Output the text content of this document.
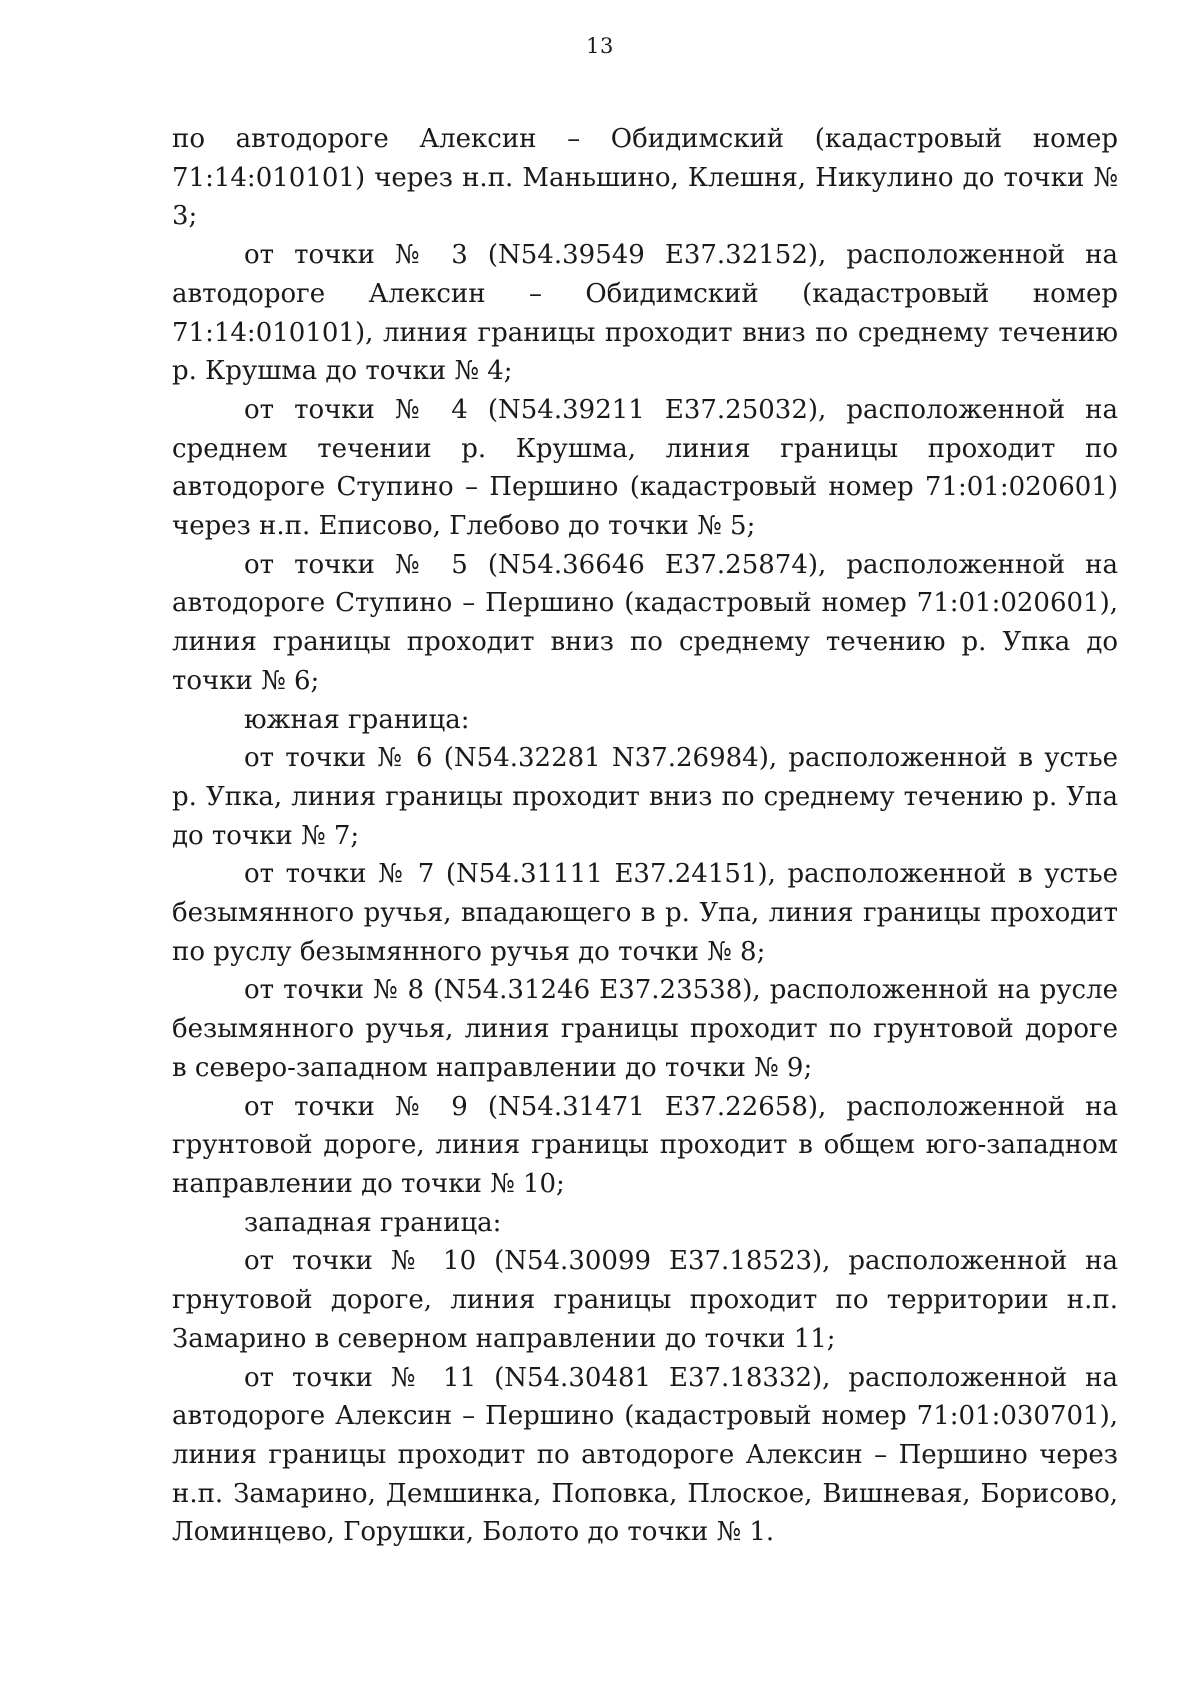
13

по автодороге Алексин – Обидимский (кадастровый номер 71:14:010101) через н.п. Маньшино, Клешня, Никулино до точки № 3;

от точки № 3 (N54.39549 E37.32152), расположенной на автодороге Алексин – Обидимский (кадастровый номер 71:14:010101), линия границы проходит вниз по среднему течению р. Крушма до точки № 4;

от точки № 4 (N54.39211 E37.25032), расположенной на среднем течении р. Крушма, линия границы проходит по автодороге Ступино – Першино (кадастровый номер 71:01:020601) через н.п. Еписово, Глебово до точки № 5;

от точки № 5 (N54.36646 E37.25874), расположенной на автодороге Ступино – Першино (кадастровый номер 71:01:020601), линия границы проходит вниз по среднему течению р. Упка до точки № 6;

южная граница:

от точки № 6 (N54.32281 N37.26984), расположенной в устье р. Упка, линия границы проходит вниз по среднему течению р. Упа до точки № 7;

от точки № 7 (N54.31111 E37.24151), расположенной в устье безымянного ручья, впадающего в р. Упа, линия границы проходит по руслу безымянного ручья до точки № 8;

от точки № 8 (N54.31246 E37.23538), расположенной на русле безымянного ручья, линия границы проходит по грунтовой дороге в северо-западном направлении до точки № 9;

от точки № 9 (N54.31471 E37.22658), расположенной на грунтовой дороге, линия границы проходит в общем юго-западном направлении до точки № 10;

западная граница:

от точки № 10 (N54.30099 E37.18523), расположенной на грнутовой дороге, линия границы проходит по территории н.п. Замарино в северном направлении до точки 11;

от точки № 11 (N54.30481 E37.18332), расположенной на автодороге Алексин – Першино (кадастровый номер 71:01:030701), линия границы проходит по автодороге Алексин – Першино через н.п. Замарино, Демшинка, Поповка, Плоское, Вишневая, Борисово, Ломинцево, Горушки, Болото до точки № 1.
